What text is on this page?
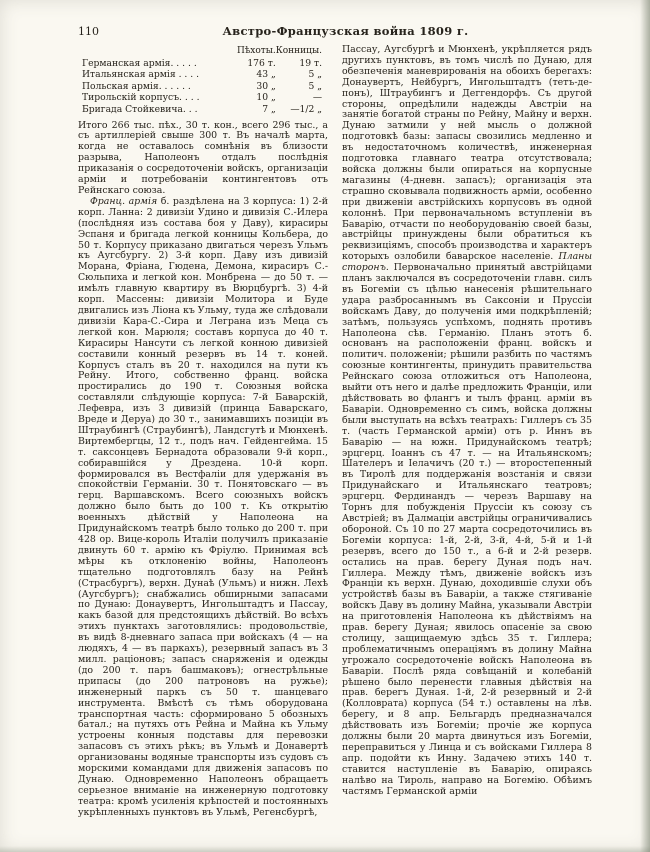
110	Австро-Французская война 1809 г.
	Пѣхоты.	Конницы.
Германская армія. . . . .	176 т.	19 т.
Итальянская армія . . . .	43 „	5 „
Польская армія. . . . . .	30 „	5 „
Тирольскій корпусъ. . . .	10 „	—
Бригада Стойкевича. . .	7 „	—1/2 „

Итого 266 тыс. пѣх., 30 т. кон., всего 296 тыс., а съ артиллеріей свыше 300 т. Въ началѣ марта, когда не оставалось сомнѣнія въ близости разрыва, Наполеонъ отдалъ послѣднія приказанія о сосредоточеніи войскъ, организаціи арміи и потребованіи контингентовъ отъ Рейнскаго союза.

Франц. армія б. раздѣлена на 3 корпуса: 1) 2-й корп. Ланна: 2 дивизіи Удино и дивизія С.-Илера (послѣдняя изъ состава боя у Даву), кирасиры Эспаня и бригада легкой конницы Кольбера, до 50 т. Корпусу приказано двигаться черезъ Ульмъ къ Аугсбургу. 2) 3-й корп. Даву изъ дивизій Морана, Фріана, Гюдена, Демона, кирасиръ С.-Сюльпиха и легкой кон. Монбрена — до 50 т. — имѣлъ главную квартиру въ Вюрцбургѣ. 3) 4-й корп. Массены: дивизіи Молитора и Буде двигались изъ Ліона къ Ульму, туда же слѣдовали дивизіи Кара-С.-Сира и Леграна изъ Меца съ легкой кон. Марюля; составъ корпуса до 40 т. Кирасиры Нансути съ легкой конною дивизіей составили конный резервъ въ 14 т. коней. Корпусъ сталъ въ 20 т. находился на пути къ Рейну. Итого, собственно франц. войска простирались до 190 т. Союзныя войска составляли слѣдующіе корпуса: 7-й Баварскій, Лефевра, изъ 3 дивизій (принца Баварскаго, Вреде и Деруа) до 30 т., занимавшихъ позиціи въ Штраубингѣ (Страубингѣ), Ландсгутѣ и Мюнхенѣ. Виртембергцы, 12 т., подъ нач. Гейденгейма. 15 т. саксонцевъ Бернадота образовали 9-й корп., собиравшійся у Дрездена. 10-й корп. формировался въ Вестфаліи для удержанія въ спокойствіи Германіи. 30 т. Понятовскаго — въ герц. Варшавскомъ. Всего союзныхъ войскъ должно было быть до 100 т. Къ открытію военныхъ дѣйствій у Наполеона на Придунайскомъ театрѣ было только до 200 т. при 428 ор. Вице-король Италіи получилъ приказаніе двинуть 60 т. армію къ Фріулю. Принимая всѣ мѣры къ отклоненію войны, Наполеонъ тщательно подготовлялъ базу на Рейнѣ (Страсбургъ), верхн. Дунаѣ (Ульмъ) и нижн. Лехѣ (Аугсбургъ); снабжались обширными запасами по Дунаю: Донаувертъ, Ингольштадтъ и Пассау, какъ базой для предстоящихъ дѣйствій. Во всѣхъ этихъ пунктахъ заготовлялись: продовольствіе, въ видѣ 8-дневнаго запаса при войскахъ (4 — на людяхъ, 4 — въ паркахъ), резервный запасъ въ 3 милл. раціоновъ; запасъ снаряженія и одежды (до 200 т. паръ башмаковъ); огнестрѣльные припасы (до 200 патроновъ на ружье); инженерный паркъ съ 50 т. шанцеваго инструмента. Вмѣстѣ съ тѣмъ оборудована транспортная часть: сформировано 5 обозныхъ батал.; на путяхъ отъ Рейна и Майна къ Ульму устроены конныя подставы для перевозки запасовъ съ этихъ рѣкъ; въ Ульмѣ и Донавертѣ организованы водяные транспорты изъ судовъ съ морскими командами для движенія запасовъ по Дунаю. Одновременно Наполеонъ обращаетъ серьезное вниманіе на инженерную подготовку театра: кромѣ усиленія крѣпостей и постоянныхъ укрѣпленныхъ пунктовъ въ Ульмѣ, Регенсбургѣ,

Пассау, Аугсбургѣ и Мюнхенѣ, укрѣпляется рядъ другихъ пунктовъ, въ томъ числѣ по Дунаю, для обезпеченія маневрированія на обоихъ берегахъ: Донаувертъ, Нейбургъ, Ингольштадтъ (тетъ-де-понъ), Штраубингъ и Деггендорфъ. Съ другой стороны, опредѣлили надежды Австріи на занятіе богатой страны по Рейну, Майну и верхн. Дунаю затмили у ней мысль о должной подготовкѣ базы: запасы свозились медленно и въ недостаточномъ количествѣ, инженерная подготовка главнаго театра отсутствовала; войска должны были опираться на корпусные магазины (4-дневн. запасъ); организація эта страшно сковывала подвижность арміи, особенно при движеніи австрійскихъ корпусовъ въ одной колоннѣ. При первоначальномъ вступленіи въ Баварію, отчасти по необорудованію своей базы, австрійцы принуждены были обратиться къ реквизиціямъ, способъ производства и характеръ которыхъ озлобили баварское населеніе. Планы сторонъ. Первоначально принятый австрійцами планъ заключался въ сосредоточеніи главн. силъ въ Богеміи съ цѣлью нанесенія рѣшительнаго удара разбросаннымъ въ Саксоніи и Пруссіи войскамъ Даву, до полученія ими подкрѣпленій; затѣмъ, пользуясь успѣхомъ, поднять противъ Наполеона сѣв. Германію. Планъ этотъ б. основанъ на расположеніи франц. войскъ и политич. положеніи; рѣшили разбить по частямъ союзные контингенты, принудить правительства Рейнскаго союза отложиться отъ Наполеона, выйти отъ него и далѣе предложить Франціи, или дѣйствовать во флангъ и тылъ франц. арміи въ Баваріи. Одновременно съ симъ, войска должны были выступать на всѣхъ театрахъ: Гиллеръ съ 35 т. (часть Германской арміи) отъ р. Иннъ въ Баварію — на южн. Придунайскомъ театрѣ; эрцгерц. Іоаннъ съ 47 т. — на Итальянскомъ; Шателеръ и Іелачичъ (20 т.) — второстепенный въ Тиролѣ для поддержанія возстанія и связи Придунайскаго и Итальянскаго театровъ; эрцгерц. Фердинандъ — черезъ Варшаву на Торнъ для побужденія Пруссіи къ союзу съ Австріей; въ Далмаціи австрійцы ограничивались обороной. Съ 10 по 27 марта сосредоточились въ Богеміи корпуса: 1-й, 2-й, 3-й, 4-й, 5-й и 1-й резервъ, всего до 150 т., а 6-й и 2-й резерв. остались на прав. берегу Дуная подъ нач. Гиллера. Между тѣмъ, движеніе войскъ изъ Франціи къ верхн. Дунаю, доходившіе слухи объ устройствѣ базы въ Баваріи, а также стягиваніе войскъ Даву въ долину Майна, указывали Австріи на приготовленія Наполеона къ дѣйствіямъ на прав. берегу Дуная; явилось опасеніе за свою столицу, защищаемую здѣсь 35 т. Гиллера; проблематичнымъ операціямъ въ долину Майна угрожало сосредоточеніе войскъ Наполеона въ Баваріи. Послѣ ряда совѣщаній и колебаній рѣшено было перенести главныя дѣйствія на прав. берегъ Дуная. 1-й, 2-й резервный и 2-й (Колловрата) корпуса (54 т.) оставлены на лѣв. берегу, и 8 апр. Бельгардъ предназначался дѣйствовать изъ Богеміи; прочіе же корпуса должны были 20 марта двинуться изъ Богеміи, переправиться у Линца и съ войсками Гиллера 8 апр. подойти къ Инну. Задачею этихъ 140 т. ставится наступленіе въ Баварію, опираясь налѣво на Тироль, направо на Богемію. Обѣимъ частямъ Германской арміи
